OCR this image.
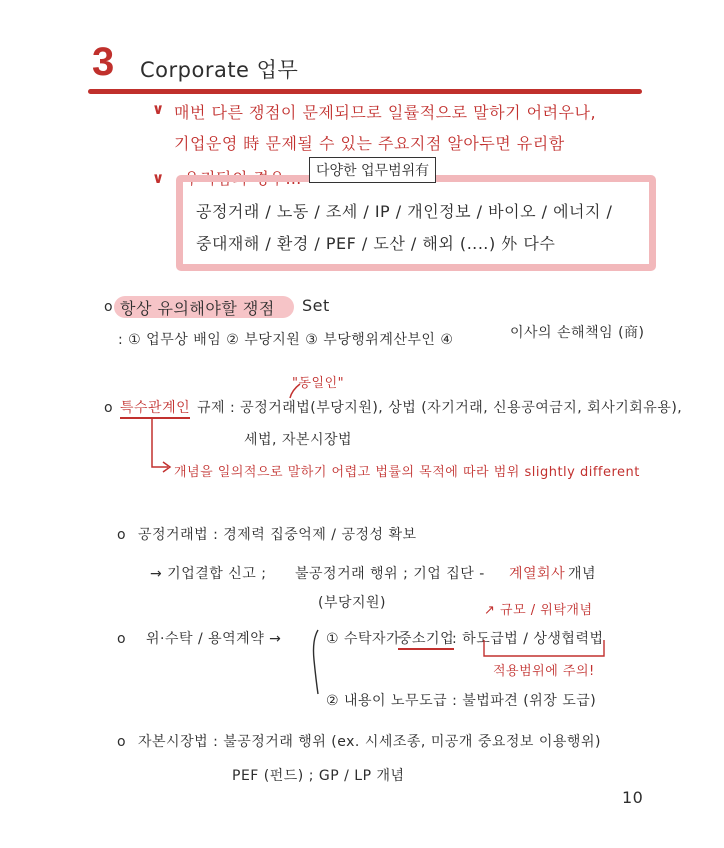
3 Corporate 업무
∨ 매번 다른 쟁점이 문제되므로 일률적으로 말하기 어려우나,
기업운영 時 문제될 수 있는 주요지점 알아두면 유리함
∨ 우리팀의 경우…	다양한 업무범위有
공정거래 / 노동 / 조세 / IP / 개인정보 / 바이오 / 에너지 /
중대재해 / 환경 / PEF / 도산 / 해외 (‥‥) 外 다수
o 항상 유의해야할 쟁점 Set
: ① 업무상 배임 ② 부당지원 ③ 부당행위계산부인 ④	이사의 손해책임 (商)
"동일인"
o 특수관계인 규제 : 공정거래법(부당지원), 상법 (자기거래, 신용공여금지, 회사기회유용),
세법, 자본시장법
개념을 일의적으로 말하기 어렵고 법률의 목적에 따라 범위 slightly different
o 공정거래법 : 경제력 집중억제 / 공정성 확보
→ 기업결합 신고 ; 불공정거래 행위 ; 기업 집단 - 계열회사 개념
(부당지원)	↗ 규모 / 위탁개념
o 위·수탁 / 용역계약 →	① 수탁자가
중소기업
: 하도급법 / 상생협력법
적용범위에 주의!
② 내용이 노무도급 : 불법파견 (위장 도급)
o 자본시장법 : 불공정거래 행위 (ex. 시세조종, 미공개 중요정보 이용행위)
PEF (펀드) ; GP / LP 개념
10
